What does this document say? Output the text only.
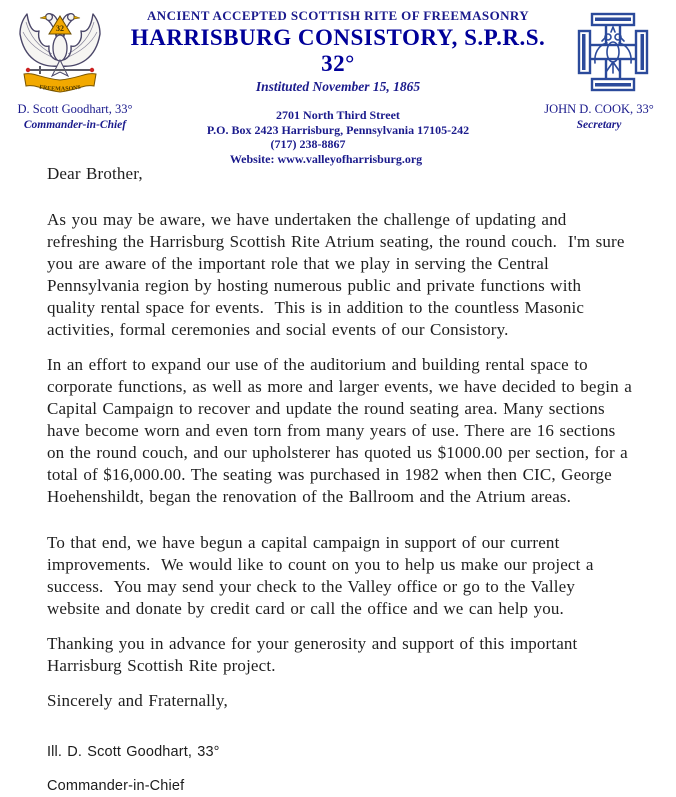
32
FREEMASONS
ANCIENT ACCEPTED SCOTTISH RITE OF FREEMASONRY
HARRISBURG CONSISTORY, S.P.R.S. 32°
Instituted November 15, 1865
2701 North Third Street
P.O. Box 2423 Harrisburg, Pennsylvania 17105-242
(717) 238-8867
Website: www.valleyofharrisburg.org
D. Scott Goodhart, 33°
Commander-in-Chief
JOHN D. COOK, 33°
Secretary
Dear Brother,
As you may be aware, we have undertaken the challenge of updating and refreshing the Harrisburg Scottish Rite Atrium seating, the round couch.  I'm sure you are aware of the important role that we play in serving the Central Pennsylvania region by hosting numerous public and private functions with quality rental space for events.  This is in addition to the countless Masonic activities, formal ceremonies and social events of our Consistory.
In an effort to expand our use of the auditorium and building rental space to corporate functions, as well as more and larger events, we have decided to begin a Capital Campaign to recover and update the round seating area. Many sections have become worn and even torn from many years of use. There are 16 sections on the round couch, and our upholsterer has quoted us $1000.00 per section, for a total of $16,000.00. The seating was purchased in 1982 when then CIC, George Hoehenshildt, began the renovation of the Ballroom and the Atrium areas.
To that end, we have begun a capital campaign in support of our current improvements.  We would like to count on you to help us make our project a success.  You may send your check to the Valley office or go to the Valley website and donate by credit card or call the office and we can help you.
Thanking you in advance for your generosity and support of this important Harrisburg Scottish Rite project.
Sincerely and Fraternally,
Ill. D. Scott Goodhart, 33°
Commander-in-Chief
